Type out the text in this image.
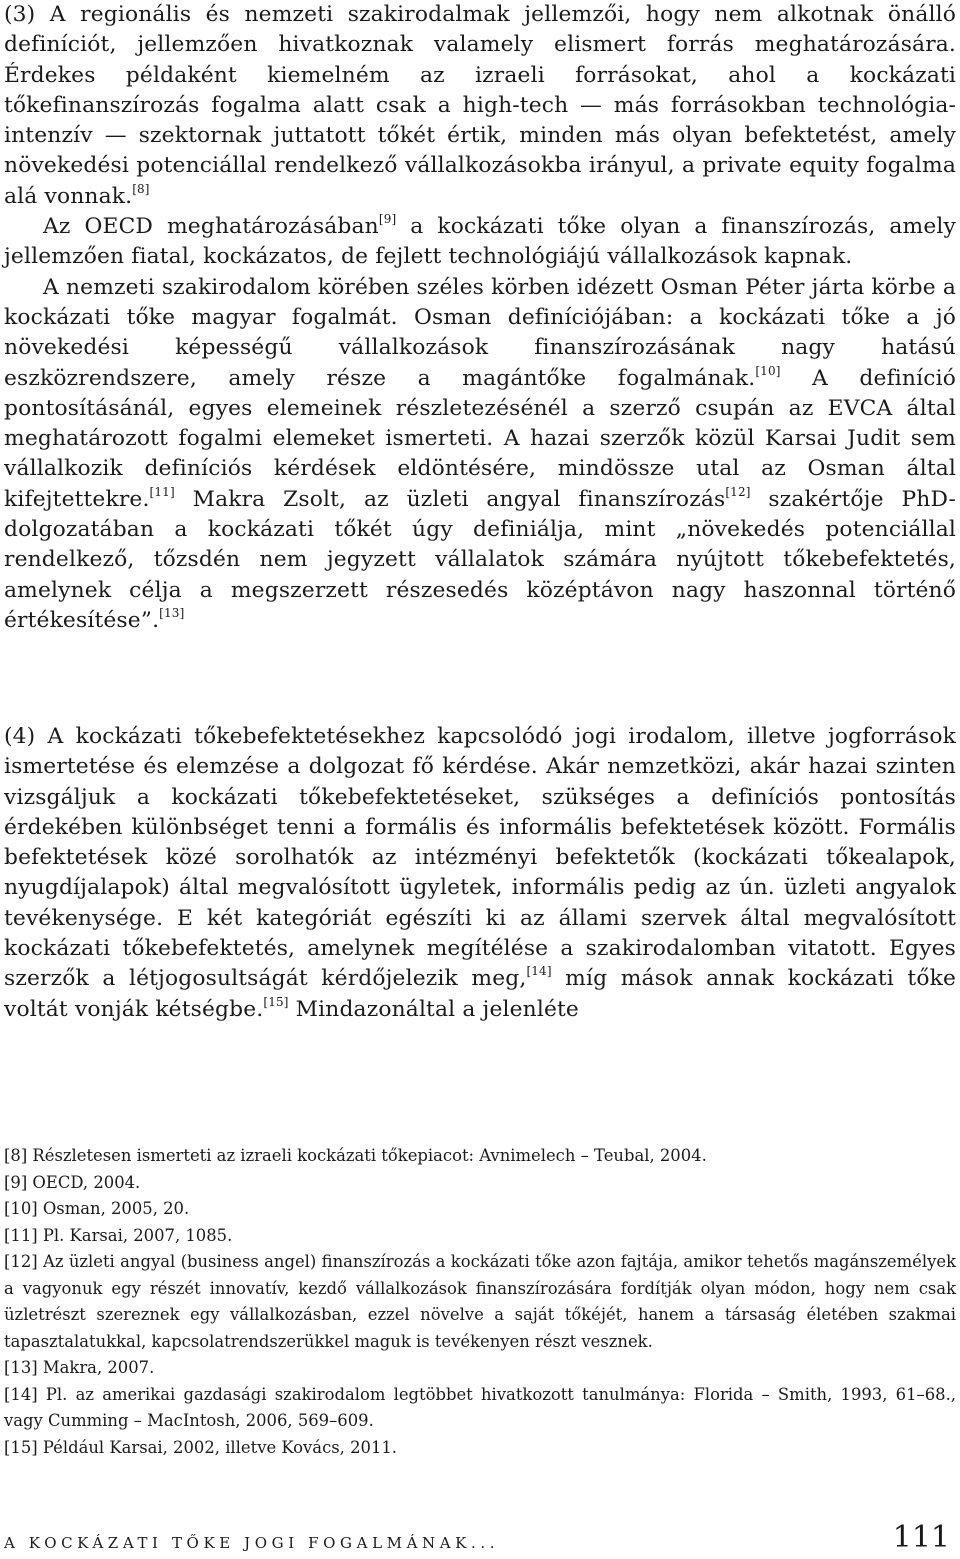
(3) A regionális és nemzeti szakirodalmak jellemzői, hogy nem alkotnak önálló definíciót, jellemzően hivatkoznak valamely elismert forrás meghatározására. Érdekes példaként kiemelném az izraeli forrásokat, ahol a kockázati tőkefinanszírozás fogalma alatt csak a high-tech — más forrásokban technológia-intenzív — szektornak juttatott tőkét értik, minden más olyan befektetést, amely növekedési potenciállal rendelkező vállalkozásokba irányul, a private equity fogalma alá vonnak.[8]
Az OECD meghatározásában[9] a kockázati tőke olyan a finanszírozás, amely jellemzően fiatal, kockázatos, de fejlett technológiájú vállalkozások kapnak.
A nemzeti szakirodalom körében széles körben idézett Osman Péter járta körbe a kockázati tőke magyar fogalmát. Osman definíciójában: a kockázati tőke a jó növekedési képességű vállalkozások finanszírozásának nagy hatású eszközrendszere, amely része a magántőke fogalmának.[10] A definíció pontosításánál, egyes elemeinek részletezésénél a szerző csupán az EVCA által meghatározott fogalmi elemeket ismerteti. A hazai szerzők közül Karsai Judit sem vállalkozik definíciós kérdések eldöntésére, mindössze utal az Osman által kifejtettekre.[11] Makra Zsolt, az üzleti angyal finanszírozás[12] szakértője PhD-dolgozatában a kockázati tőkét úgy definiálja, mint „növekedés potenciállal rendelkező, tőzsdén nem jegyzett vállalatok számára nyújtott tőkebefektetés, amelynek célja a megszerzett részesedés középtávon nagy haszonnal történő értékesítése”.[13]

(4) A kockázati tőkebefektetésekhez kapcsolódó jogi irodalom, illetve jogforrások ismertetése és elemzése a dolgozat fő kérdése. Akár nemzetközi, akár hazai szinten vizsgáljuk a kockázati tőkebefektetéseket, szükséges a definíciós pontosítás érdekében különbséget tenni a formális és informális befektetések között. Formális befektetések közé sorolhatók az intézményi befektetők (kockázati tőkealapok, nyugdíjalapok) által megvalósított ügyletek, informális pedig az ún. üzleti angyalok tevékenysége. E két kategóriát egészíti ki az állami szervek által megvalósított kockázati tőkebefektetés, amelynek megítélése a szakirodalomban vitatott. Egyes szerzők a létjogosultságát kérdőjelezik meg,[14] míg mások annak kockázati tőke voltát vonják kétségbe.[15] Mindazonáltal a jelenléte

[8] Részletesen ismerteti az izraeli kockázati tőkepiacot: Avnimelech – Teubal, 2004.

[9] OECD, 2004.

[10] Osman, 2005, 20.

[11] Pl. Karsai, 2007, 1085.

[12] Az üzleti angyal (business angel) finanszírozás a kockázati tőke azon fajtája, amikor tehetős magánszemélyek a vagyonuk egy részét innovatív, kezdő vállalkozások finanszírozására fordítják olyan módon, hogy nem csak üzletrészt szereznek egy vállalkozásban, ezzel növelve a saját tőkéjét, hanem a társaság életében szakmai tapasztalatukkal, kapcsolatrendszerükkel maguk is tevékenyen részt vesznek.

[13] Makra, 2007.

[14] Pl. az amerikai gazdasági szakirodalom legtöbbet hivatkozott tanulmánya: Florida – Smith, 1993, 61–68., vagy Cumming – MacIntosh, 2006, 569–609.

[15] Például Karsai, 2002, illetve Kovács, 2011.

A KOCKÁZATI TŐKE JOGI FOGALMÁNAK...	111
